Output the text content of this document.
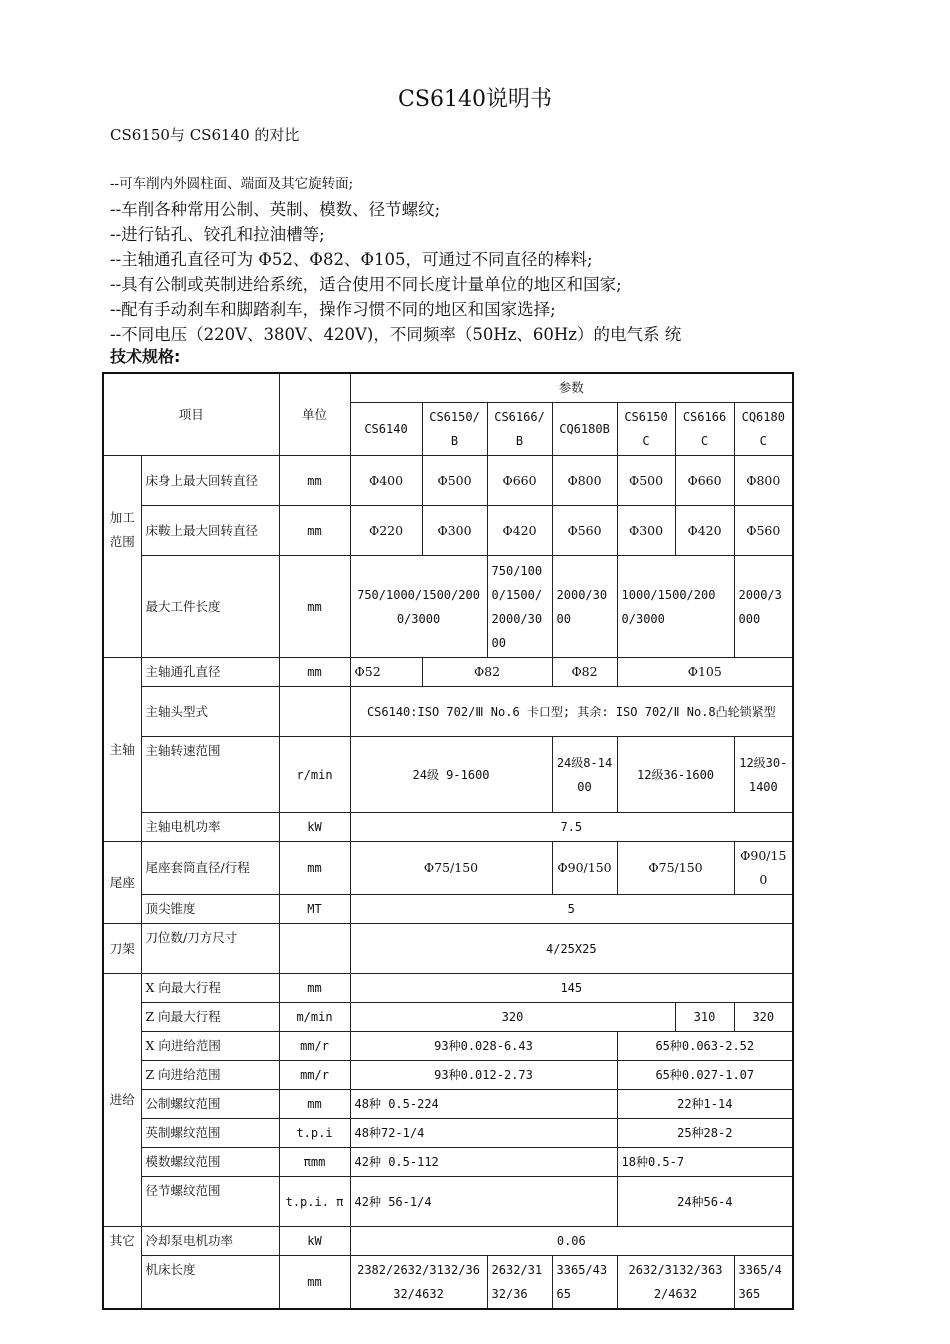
CS6140说明书
CS6150与 CS6140 的对比
--可车削内外圆柱面、端面及其它旋转面;
--车削各种常用公制、英制、模数、径节螺纹;
--进行钻孔、铰孔和拉油槽等;
--主轴通孔直径可为 Φ52、Φ82、Φ105，可通过不同直径的棒料;
--具有公制或英制进给系统，适合使用不同长度计量单位的地区和国家;
--配有手动刹车和脚踏刹车，操作习惯不同的地区和国家选择;
--不同电压（220V、380V、420V)，不同频率（50Hz、60Hz）的电气系 统
技术规格:
项目		单位	参数						
			CS6140	CS6150/B	CS6166/B	CQ6180B	CS6150C	CS6166C	CQ6180C
加工范围	床身上最大回转直径	mm	Φ400	Φ500	Φ660	Φ800	Φ500	Φ660	Φ800
	床鞍上最大回转直径	mm	Φ220	Φ300	Φ420	Φ560	Φ300	Φ420	Φ560
	最大工件长度	mm	750/1000/1500/2000/3000		750/1000/1500/2000/3000	2000/3000	1000/1500/2000/3000		2000/3000
主轴	主轴通孔直径	mm	Φ52	Φ82		Φ82	Φ105		
	主轴头型式		CS6140:ISO 702/Ⅲ No.6 卡口型; 其余: ISO 702/Ⅱ No.8凸轮锁紧型						
	主轴转速范围	r/min	24级 9-1600			24级8-1400	12级36-1600		12级30-1400
	主轴电机功率	kW	7.5						
尾座	尾座套筒直径/行程	mm	Φ75/150			Φ90/150	Φ75/150		Φ90/150
	顶尖锥度	MT	5						
刀架	刀位数/刀方尺寸		4/25X25						
进给	X 向最大行程	mm	145						
	Z 向最大行程	m/min	320					310	320
	X 向进给范围	mm/r	93种0.028-6.43				65种0.063-2.52		
	Z 向进给范围	mm/r	93种0.012-2.73				65种0.027-1.07		
	公制螺纹范围	mm	48种 0.5-224				22种1-14		
	英制螺纹范围	t.p.i	48种72-1/4				25种28-2		
	模数螺纹范围	πmm	42种 0.5-112				18种0.5-7		
	径节螺纹范围	t.p.i. π	42种 56-1/4				24种56-4		
其它	冷却泵电机功率	kW	0.06						
	机床长度	mm	2382/2632/3132/3632/4632		2632/3132/36	3365/4365	2632/3132/3632/4632		3365/4365
